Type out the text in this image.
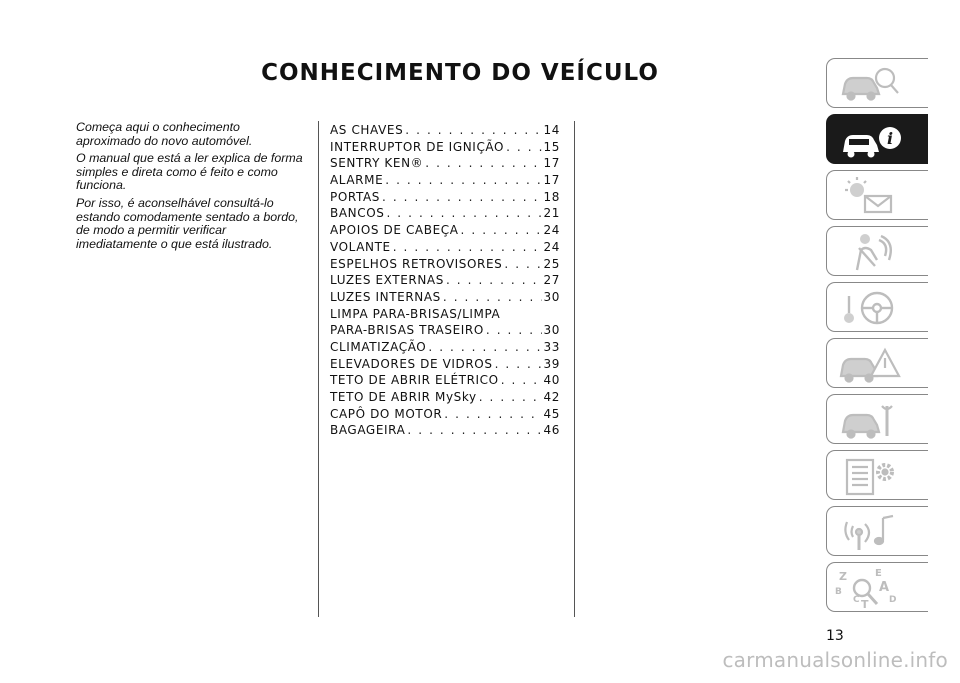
CONHECIMENTO DO VEÍCULO

Começa aqui o conhecimento aproximado do novo automóvel.

O manual que está a ler explica de forma simples e direta como é feito e como funciona.

Por isso, é aconselhável consultá-lo estando comodamente sentado a bordo, de modo a permitir verificar imediatamente o que está ilustrado.

AS CHAVES . . .	14
INTERRUPTOR DE IGNIÇÃO . . .	15
SENTRY KEN® . . .	17
ALARME . . .	17
PORTAS . . .	18
BANCOS . . .	21
APOIOS DE CABEÇA . . .	24
VOLANTE . . .	24
ESPELHOS RETROVISORES . . .	25
LUZES EXTERNAS . . .	27
LUZES INTERNAS . . .	30
LIMPA PARA-BRISAS/LIMPA
PARA-BRISAS TRASEIRO . . .	30
CLIMATIZAÇÃO . . .	33
ELEVADORES DE VIDROS . . .	39
TETO DE ABRIR ELÉTRICO . . .	40
TETO DE ABRIR MySky . . .	42
CAPÔ DO MOTOR . . .	45
BAGAGEIRA . . .	46
i
Z	E
B	A
C T D
13
carmanualsonline.info
